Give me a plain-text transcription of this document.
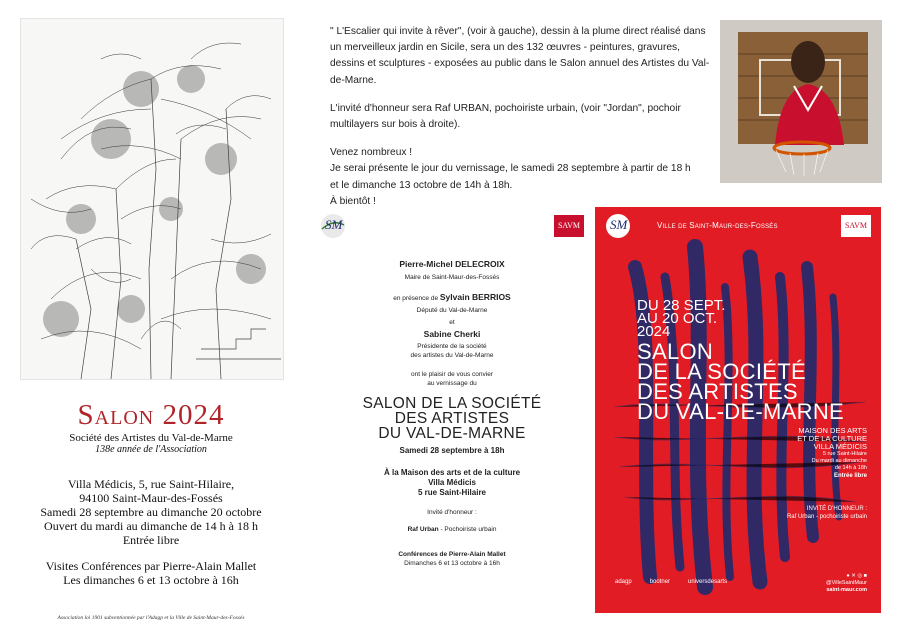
Salon 2024
Société des Artistes du Val-de-Marne
138e année de l'Association
Villa Médicis, 5, rue Saint-Hilaire,
94100 Saint-Maur-des-Fossés
Samedi 28 septembre au dimanche 20 octobre
Ouvert du mardi au dimanche de 14 h à 18 h
Entrée libre
Visites Conférences par Pierre-Alain Mallet
Les dimanches 6 et 13 octobre à 16h
Association loi 1901 subventionnée par l'Adagp et la Ville de Saint-Maur-des-Fossés

" L'Escalier qui invite à rêver", (voir à gauche), dessin à la plume direct réalisé dans un merveilleux jardin en Sicile, sera un des 132 œuvres - peintures, gravures, dessins et sculptures - exposées au public dans le Salon annuel des Artistes du Val-de-Marne.

L'invité d'honneur sera Raf URBAN, pochoiriste urbain, (voir "Jordan", pochoir multilayers sur bois à droite).

Venez nombreux !
Je serai présente le jour du vernissage, le samedi 28 septembre à partir de 18 h
et le dimanche 13 octobre de 14h à 18h.
À bientôt !
SM	SAVM
Pierre-Michel DELECROIX
Maire de Saint-Maur-des-Fossés
en présence de Sylvain BERRIOS
Député du Val-de-Marne
et
Sabine Cherki
Présidente de la société
des artistes du Val-de-Marne
ont le plaisir de vous convier
au vernissage du
SALON DE LA SOCIÉTÉ
DES ARTISTES
DU VAL-DE-MARNE
Samedi 28 septembre à 18h
À la Maison des arts et de la culture
Villa Médicis
5 rue Saint-Hilaire
Invité d'honneur :
Raf Urban - Pochoiriste urbain
Conférences de Pierre-Alain Mallet
Dimanches 6 et 13 octobre à 16h
SM	Ville de Saint-Maur-des-Fossés	SAVM
DU 28 SEPT.
AU 20 OCT.
2024
SALON
DE LA SOCIÉTÉ
DES ARTISTES
DU VAL-DE-MARNE
MAISON DES ARTS
ET DE LA CULTURE
VILLA MÉDICIS
5 rue Saint-Hilaire
Du mardi au dimanche
de 14h à 18h
Entrée libre
INVITÉ D'HONNEUR :
Raf Urban - pochoiriste urbain
adagp	bootner	universdesarts
● ✕ ◎ ■
@VilleSaintMaur
saint-maur.com
